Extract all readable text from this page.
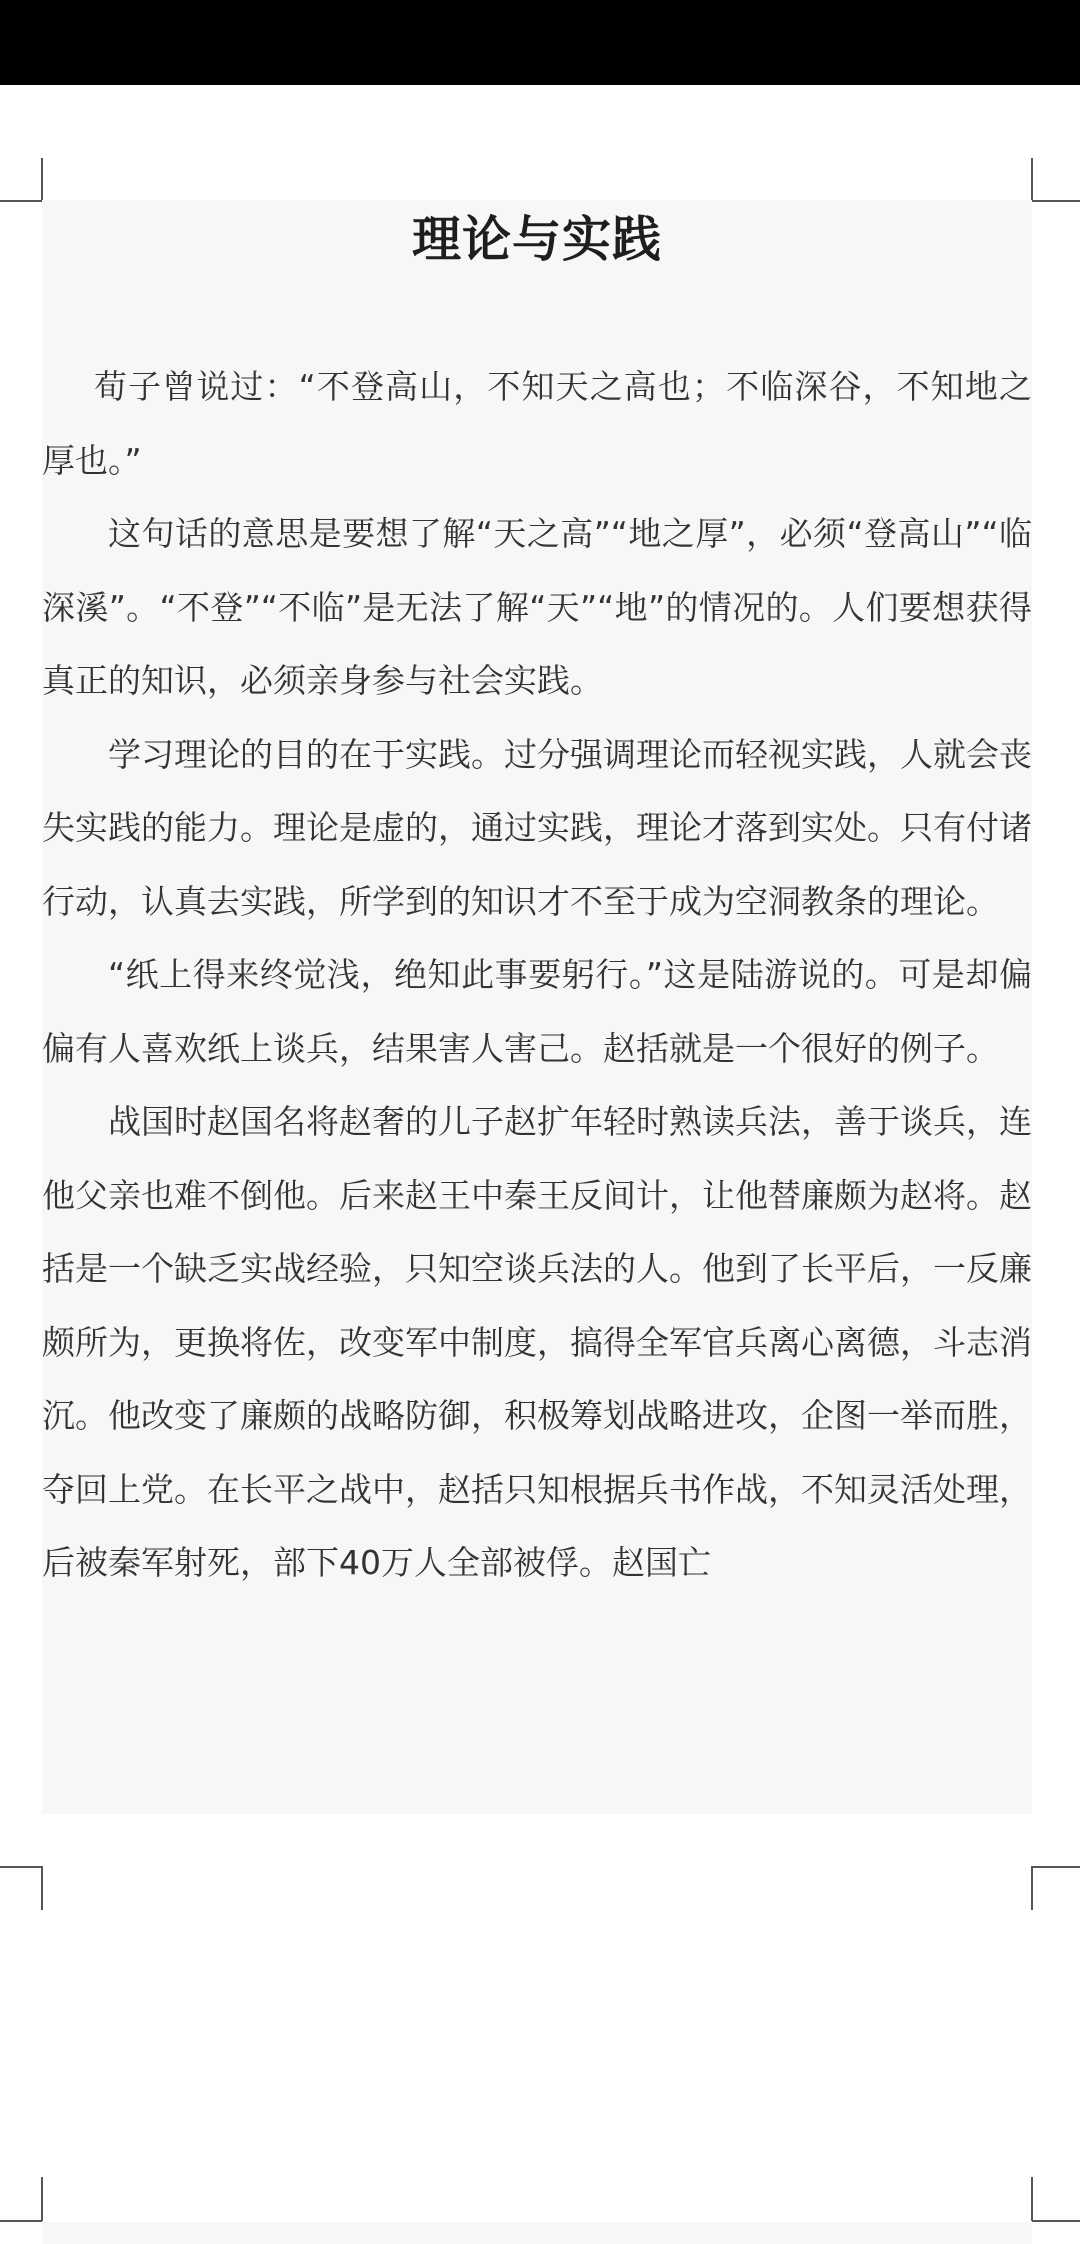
理论与实践

荀子曾说过：“不登高山，不知天之高也；不临深谷，不知地之厚也。”

这句话的意思是要想了解“天之高”“地之厚”，必须“登高山”“临深溪”。“不登”“不临”是无法了解“天”“地”的情况的。人们要想获得真正的知识，必须亲身参与社会实践。

学习理论的目的在于实践。过分强调理论而轻视实践，人就会丧失实践的能力。理论是虚的，通过实践，理论才落到实处。只有付诸行动，认真去实践，所学到的知识才不至于成为空洞教条的理论。

“纸上得来终觉浅，绝知此事要躬行。”这是陆游说的。可是却偏偏有人喜欢纸上谈兵，结果害人害己。赵括就是一个很好的例子。

战国时赵国名将赵奢的儿子赵扩年轻时熟读兵法，善于谈兵，连他父亲也难不倒他。后来赵王中秦王反间计，让他替廉颇为赵将。赵括是一个缺乏实战经验，只知空谈兵法的人。他到了长平后，一反廉颇所为，更换将佐，改变军中制度，搞得全军官兵离心离德，斗志消沉。他改变了廉颇的战略防御，积极筹划战略进攻，企图一举而胜，夺回上党。在长平之战中，赵括只知根据兵书作战，不知灵活处理，后被秦军射死，部下40万人全部被俘。赵国亡
